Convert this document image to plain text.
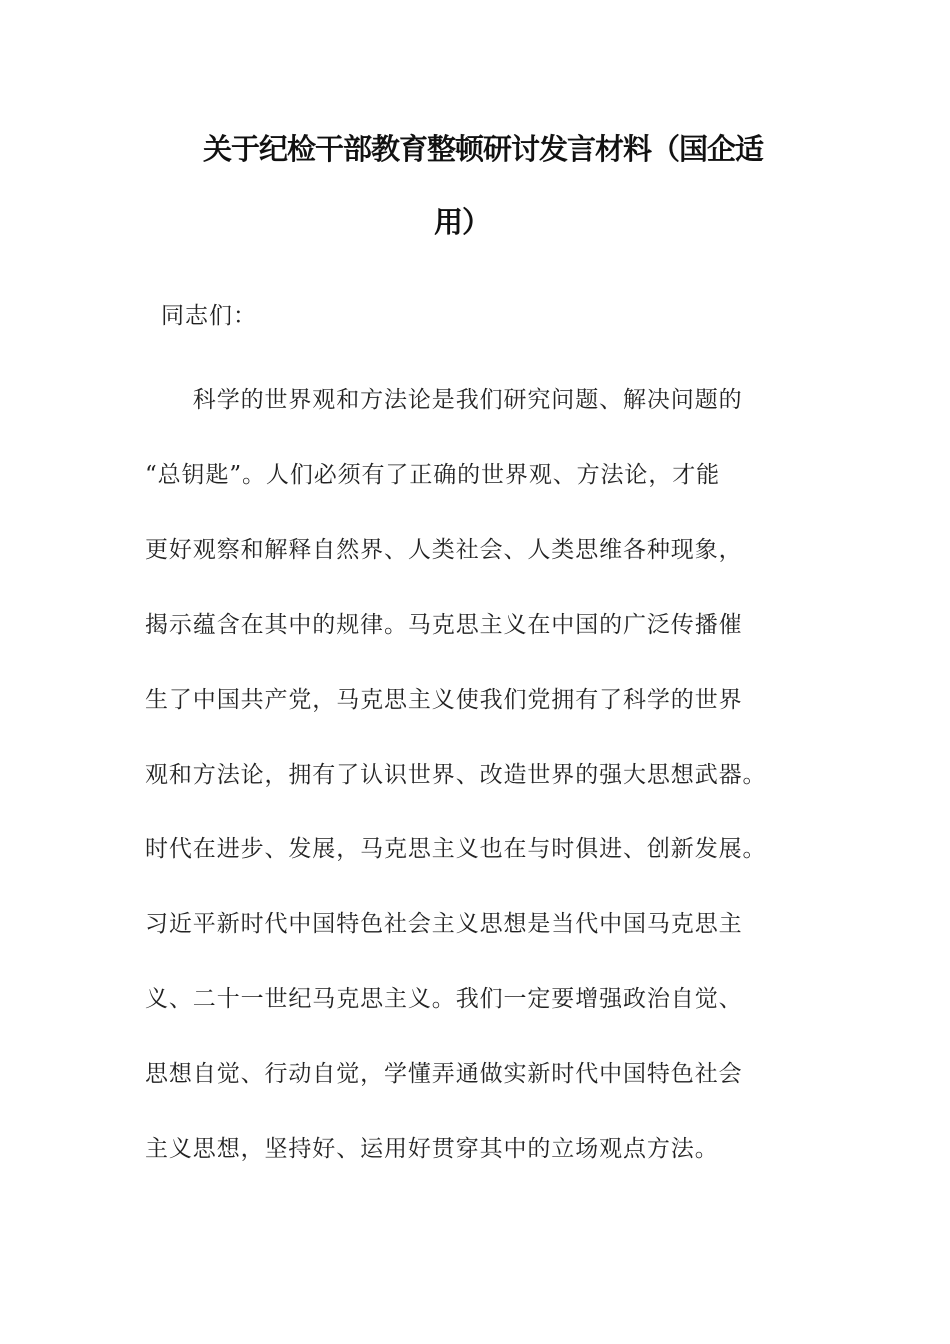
关于纪检干部教育整顿研讨发言材料（国企适
用）
同志们：
　　科学的世界观和方法论是我们研究问题、解决问题的
“总钥匙”。人们必须有了正确的世界观、方法论，才能
更好观察和解释自然界、人类社会、人类思维各种现象，
揭示蕴含在其中的规律。马克思主义在中国的广泛传播催
生了中国共产党，马克思主义使我们党拥有了科学的世界
观和方法论，拥有了认识世界、改造世界的强大思想武器。
时代在进步、发展，马克思主义也在与时俱进、创新发展。
习近平新时代中国特色社会主义思想是当代中国马克思主
义、二十一世纪马克思主义。我们一定要增强政治自觉、
思想自觉、行动自觉，学懂弄通做实新时代中国特色社会
主义思想，坚持好、运用好贯穿其中的立场观点方法。
